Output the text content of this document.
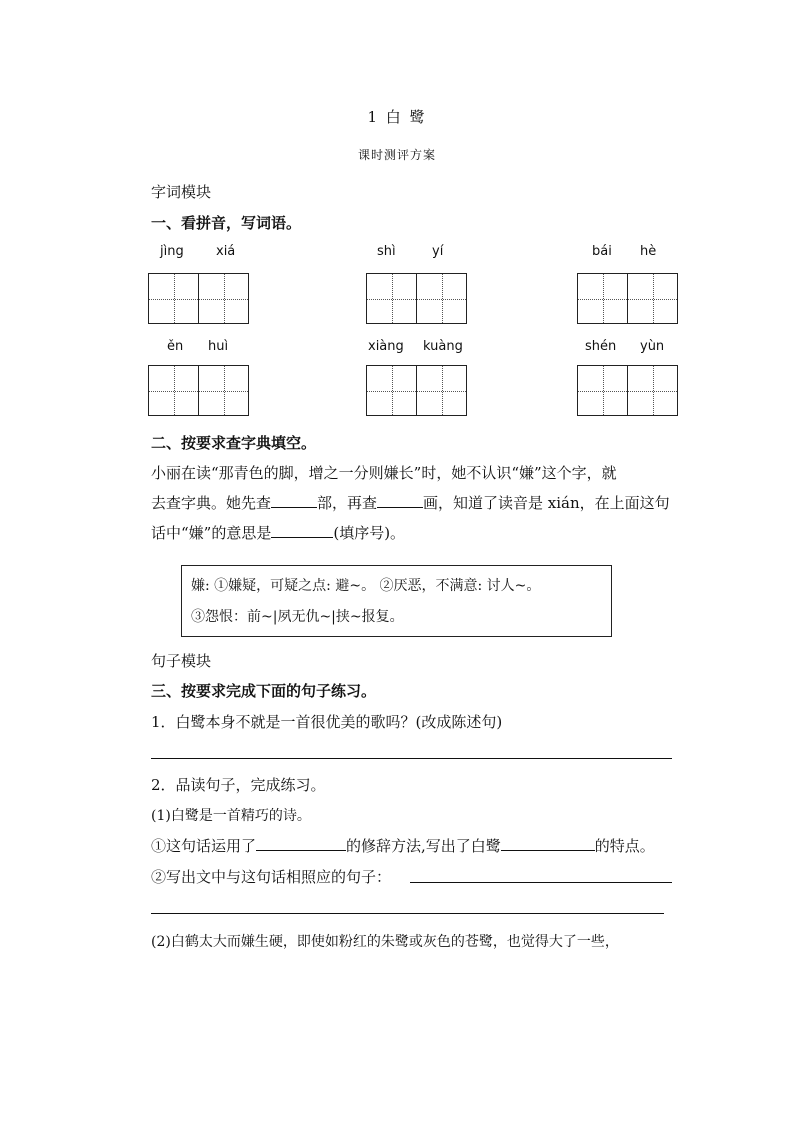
1 白 鹭
课时测评方案
字词模块
一、看拼音，写词语。
jìng xiá	shì	yí	bái hè
ěn huì	xiàng kuàng	shén yùn
二、按要求查字典填空。
小丽在读“那青色的脚，增之一分则嫌长”时，她不认识“嫌”这个字，就
去查字典。她先查	部，再查	画，知道了读音是 xián，在上面这句
话中“嫌”的意思是	(填序号)。
嫌: ①嫌疑，可疑之点: 避~。 ②厌恶，不满意: 讨人~。
③怨恨：前~|夙无仇~|挟~报复。
句子模块
三、按要求完成下面的句子练习。
1．白鹭本身不就是一首很优美的歌吗？(改成陈述句)
2．品读句子，完成练习。
(1)白鹭是一首精巧的诗。
①这句话运用了	的修辞方法,写出了白鹭	的特点。
②写出文中与这句话相照应的句子：
(2)白鹤太大而嫌生硬，即使如粉红的朱鹭或灰色的苍鹭，也觉得大了一些，
